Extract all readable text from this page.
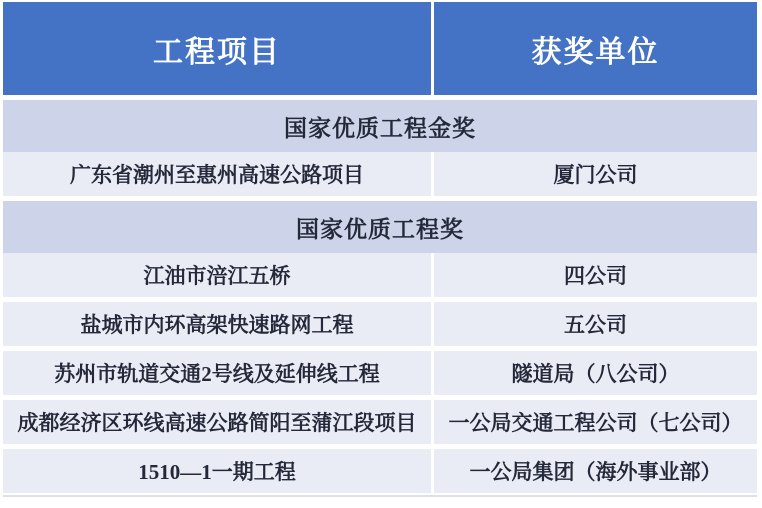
工程项目	获奖单位
国家优质工程金奖
广东省潮州至惠州高速公路项目	厦门公司
国家优质工程奖
江油市涪江五桥	四公司
盐城市内环高架快速路网工程	五公司
苏州市轨道交通2号线及延伸线工程	隧道局（八公司）
成都经济区环线高速公路简阳至蒲江段项目	一公局交通工程公司（七公司）
1510—1一期工程	一公局集团（海外事业部）
